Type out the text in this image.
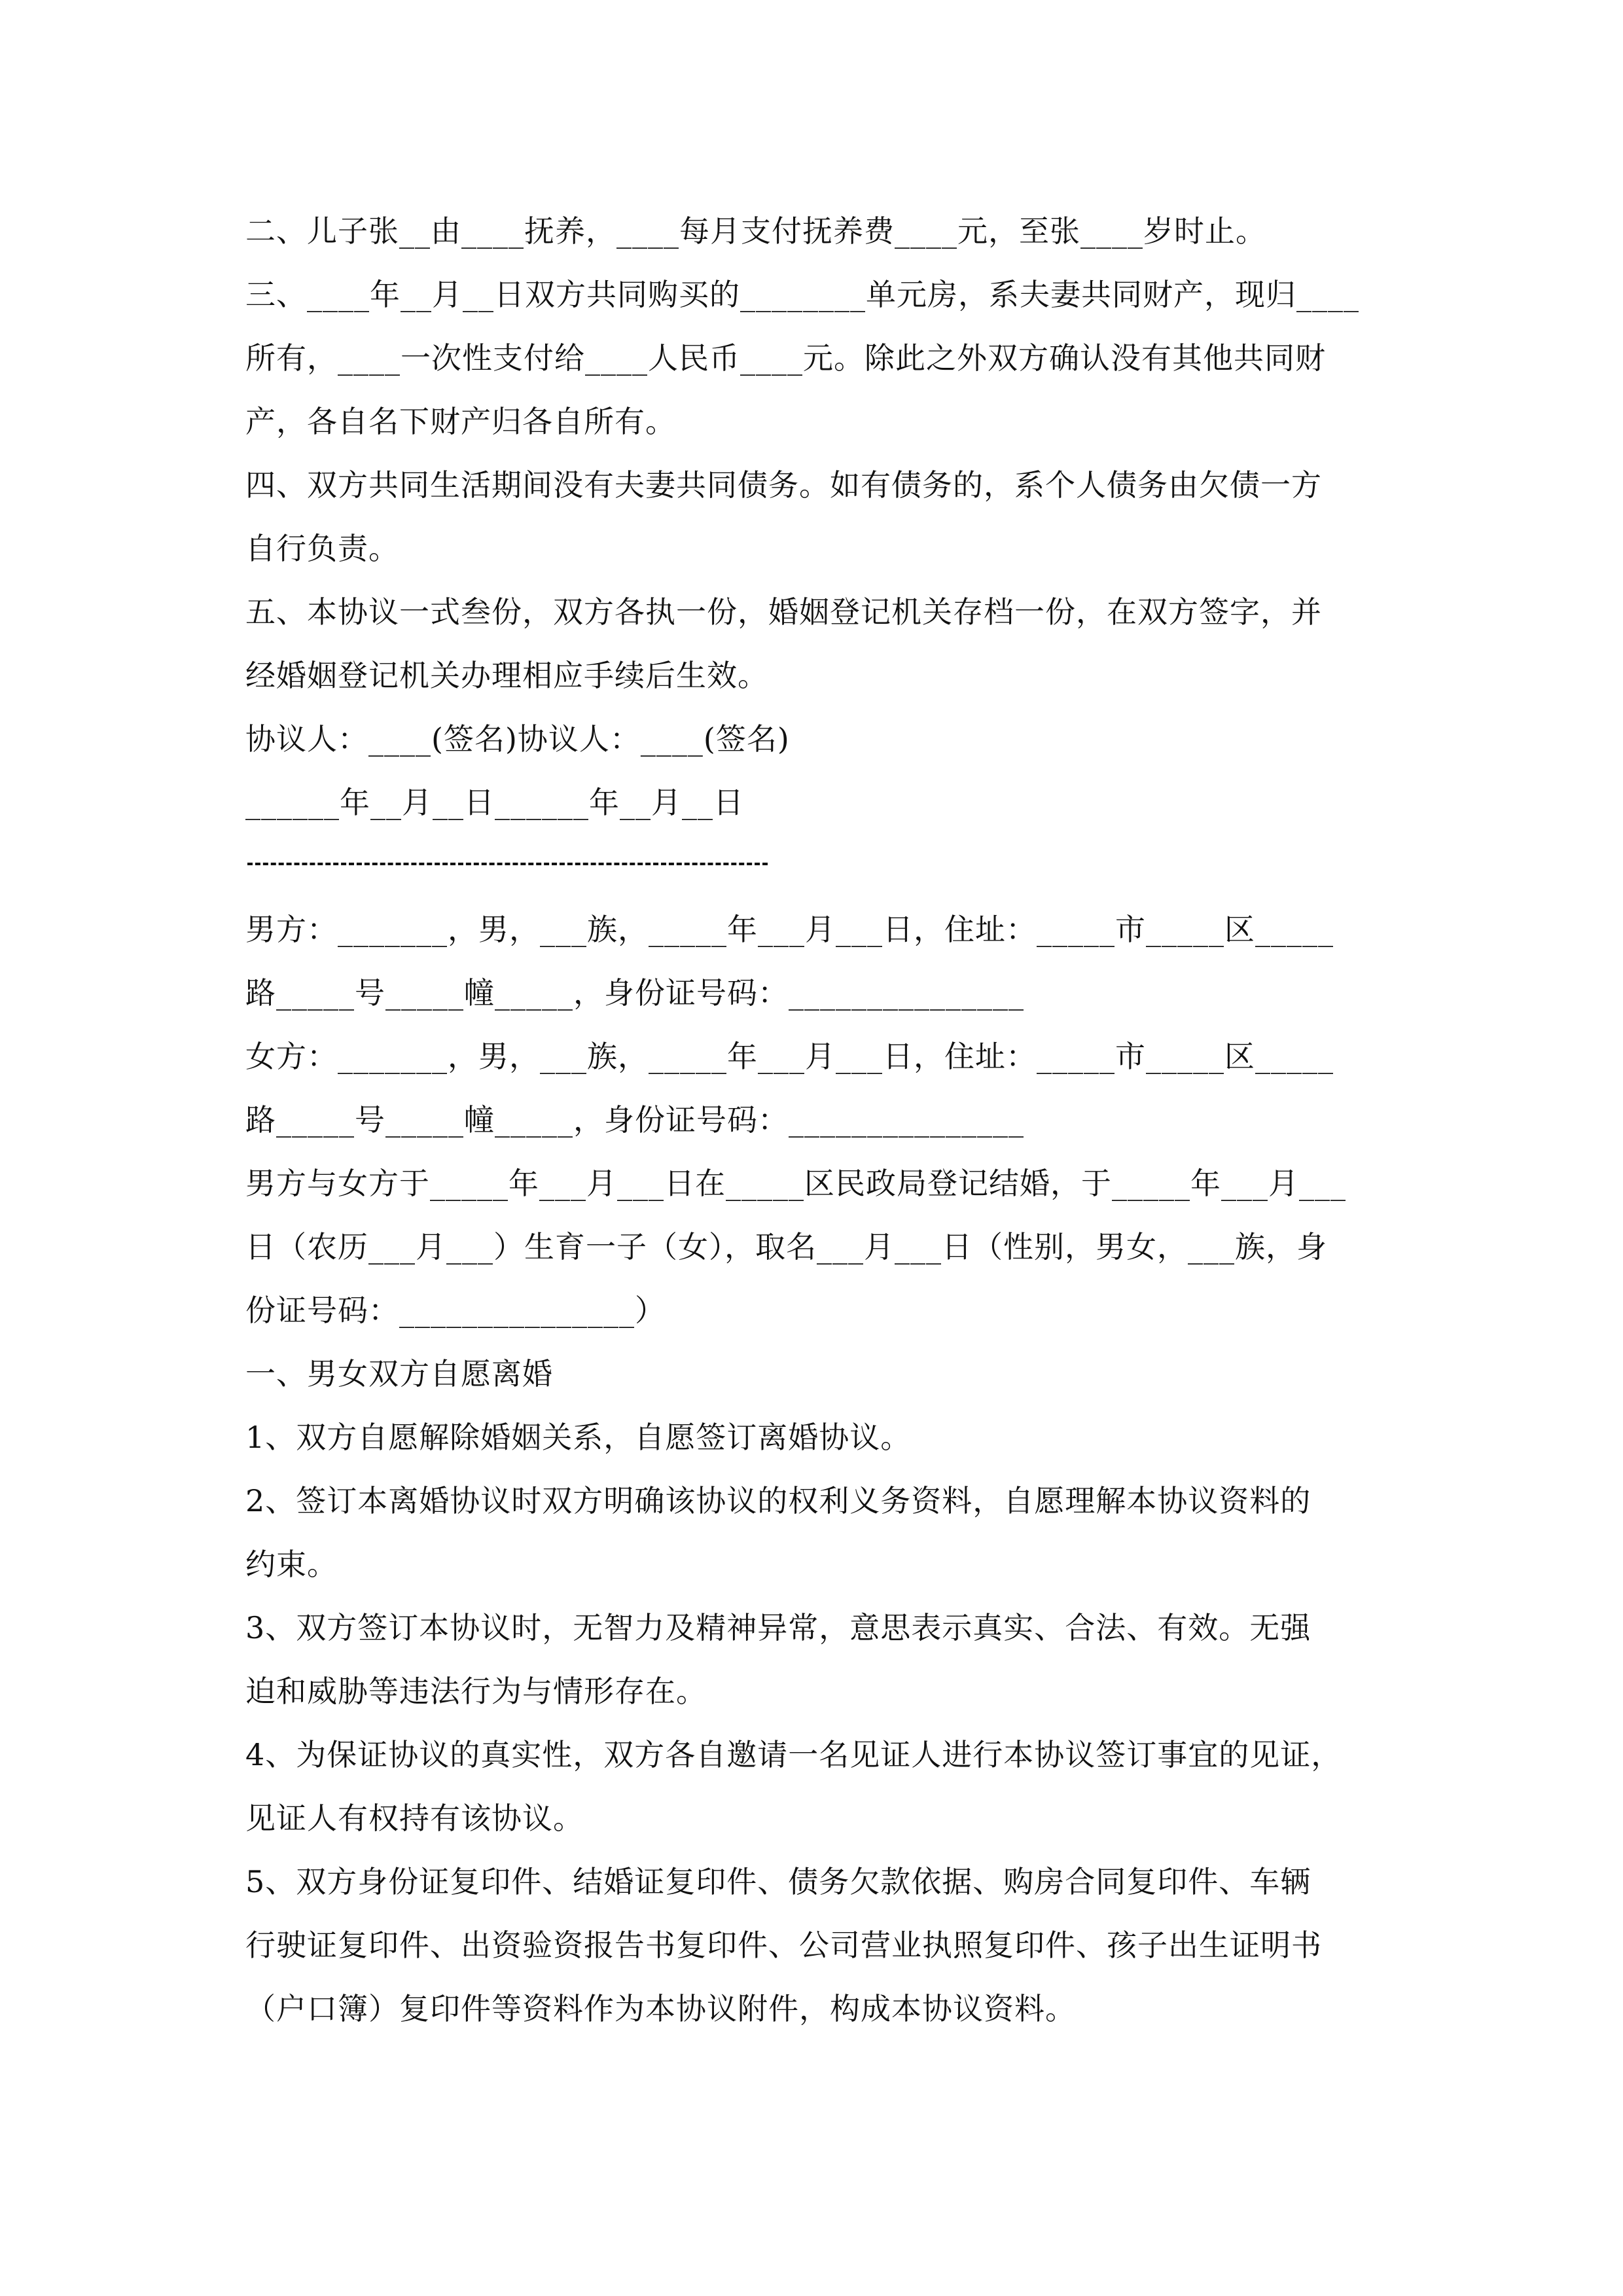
二、儿子张__由____抚养，____每月支付抚养费____元，至张____岁时止。
三、____年__月__日双方共同购买的________单元房，系夫妻共同财产，现归____
所有，____一次性支付给____人民币____元。除此之外双方确认没有其他共同财
产，各自名下财产归各自所有。
四、双方共同生活期间没有夫妻共同债务。如有债务的，系个人债务由欠债一方
自行负责。
五、本协议一式叁份，双方各执一份，婚姻登记机关存档一份，在双方签字，并
经婚姻登记机关办理相应手续后生效。
协议人：____(签名)协议人：____(签名)
______年__月__日______年__月__日
男方：_______，男，___族，_____年___月___日，住址：_____市_____区_____
路_____号_____幢_____，身份证号码：_______________
女方：_______，男，___族，_____年___月___日，住址：_____市_____区_____
路_____号_____幢_____，身份证号码：_______________
男方与女方于_____年___月___日在_____区民政局登记结婚，于_____年___月___
日（农历___月___）生育一子（女），取名___月___日（性别，男女，___族，身
份证号码：_______________）
一、男女双方自愿离婚
1、双方自愿解除婚姻关系，自愿签订离婚协议。
2、签订本离婚协议时双方明确该协议的权利义务资料，自愿理解本协议资料的
约束。
3、双方签订本协议时，无智力及精神异常，意思表示真实、合法、有效。无强
迫和威胁等违法行为与情形存在。
4、为保证协议的真实性，双方各自邀请一名见证人进行本协议签订事宜的见证，
见证人有权持有该协议。
5、双方身份证复印件、结婚证复印件、债务欠款依据、购房合同复印件、车辆
行驶证复印件、出资验资报告书复印件、公司营业执照复印件、孩子出生证明书
（户口簿）复印件等资料作为本协议附件，构成本协议资料。
